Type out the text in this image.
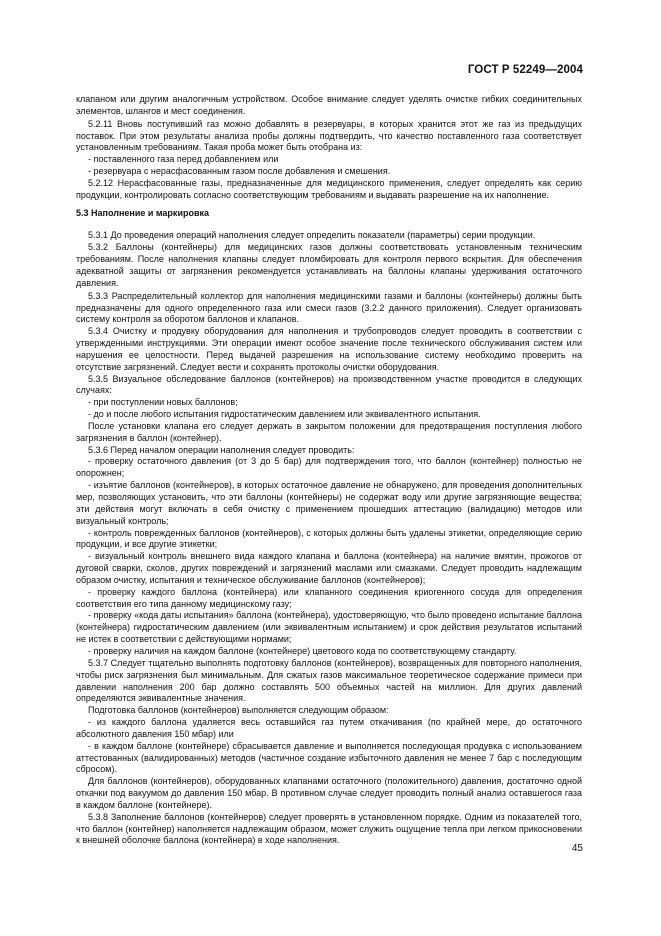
ГОСТ Р 52249—2004

клапаном или другим аналогичным устройством. Особое внимание следует уделять очистке гибких соединительных элементов, шлангов и мест соединения.

5.2.11 Вновь поступивший газ можно добавлять в резервуары, в которых хранится этот же газ из предыдущих поставок. При этом результаты анализа пробы должны подтвердить, что качество поставленного газа соответствует установленным требованиям. Такая проба может быть отобрана из:

- поставленного газа перед добавлением или

- резервуара с нерасфасованным газом после добавления и смешения.

5.2.12 Нерасфасованные газы, предназначенные для медицинского применения, следует определять как серию продукции, контролировать согласно соответствующим требованиям и выдавать разрешение на их наполнение.

5.3 Наполнение и маркировка

5.3.1 До проведения операций наполнения следует определить показатели (параметры) серии продукции.

5.3.2 Баллоны (контейнеры) для медицинских газов должны соответствовать установленным техническим требованиям. После наполнения клапаны следует пломбировать для контроля первого вскрытия. Для обеспечения адекватной защиты от загрязнения рекомендуется устанавливать на баллоны клапаны удерживания остаточного давления.

5.3.3 Распределительный коллектор для наполнения медицинскими газами и баллоны (контейнеры) должны быть предназначены для одного определенного газа или смеси газов (3.2.2 данного приложения). Следует организовать систему контроля за оборотом баллонов и клапанов.

5.3.4 Очистку и продувку оборудования для наполнения и трубопроводов следует проводить в соответствии с утвержденными инструкциями. Эти операции имеют особое значение после технического обслуживания систем или нарушения ее целостности. Перед выдачей разрешения на использование систему необходимо проверить на отсутствие загрязнений. Следует вести и сохранять протоколы очистки оборудования.

5.3.5 Визуальное обследование баллонов (контейнеров) на производственном участке проводится в следующих случаях:

- при поступлении новых баллонов;

- до и после любого испытания гидростатическим давлением или эквивалентного испытания.

После установки клапана его следует держать в закрытом положении для предотвращения поступления любого загрязнения в баллон (контейнер).

5.3.6 Перед началом операции наполнения следует проводить:

- проверку остаточного давления (от 3 до 5 бар) для подтверждения того, что баллон (контейнер) полностью не опорожнен;

- изъятие баллонов (контейнеров), в которых остаточное давление не обнаружено, для проведения дополнительных мер, позволяющих установить, что эти баллоны (контейнеры) не содержат воду или другие загрязняющие вещества; эти действия могут включать в себя очистку с применением прошедших аттестацию (валидацию) методов или визуальный контроль;

- контроль поврежденных баллонов (контейнеров), с которых должны быть удалены этикетки, определяющие серию продукции, и все другие этикетки;

- визуальный контроль внешнего вида каждого клапана и баллона (контейнера) на наличие вмятин, прожогов от дуговой сварки, сколов, других повреждений и загрязнений маслами или смазками. Следует проводить надлежащим образом очистку, испытания и техническое обслуживание баллонов (контейнеров);

- проверку каждого баллона (контейнера) или клапанного соединения криогенного сосуда для определения соответствия его типа данному медицинскому газу;

- проверку «кода даты испытания» баллона (контейнера), удостоверяющую, что было проведено испытание баллона (контейнера) гидростатическим давлением (или эквивалентным испытанием) и срок действия результатов испытаний не истек в соответствии с действующими нормами;

- проверку наличия на каждом баллоне (контейнере) цветового кода по соответствующему стандарту.

5.3.7 Следует тщательно выполнять подготовку баллонов (контейнеров), возвращенных для повторного наполнения, чтобы риск загрязнения был минимальным. Для сжатых газов максимальное теоретическое содержание примеси при давлении наполнения 200 бар должно составлять 500 объемных частей на миллион. Для других давлений определяются эквивалентные значения.

Подготовка баллонов (контейнеров) выполняется следующим образом:

- из каждого баллона удаляется весь оставшийся газ путем откачивания (по крайней мере, до остаточного абсолютного давления 150 мбар) или

- в каждом баллоне (контейнере) сбрасывается давление и выполняется последующая продувка с использованием аттестованных (валидированных) методов (частичное создание избыточного давления не менее 7 бар с последующим сбросом).

Для баллонов (контейнеров), оборудованных клапанами остаточного (положительного) давления, достаточно одной откачки под вакуумом до давления 150 мбар. В противном случае следует проводить полный анализ оставшегося газа в каждом баллоне (контейнере).

5.3.8 Заполнение баллонов (контейнеров) следует проверять в установленном порядке. Одним из показателей того, что баллон (контейнер) наполняется надлежащим образом, может служить ощущение тепла при легком прикосновении к внешней оболочке баллона (контейнера) в ходе наполнения.

45
